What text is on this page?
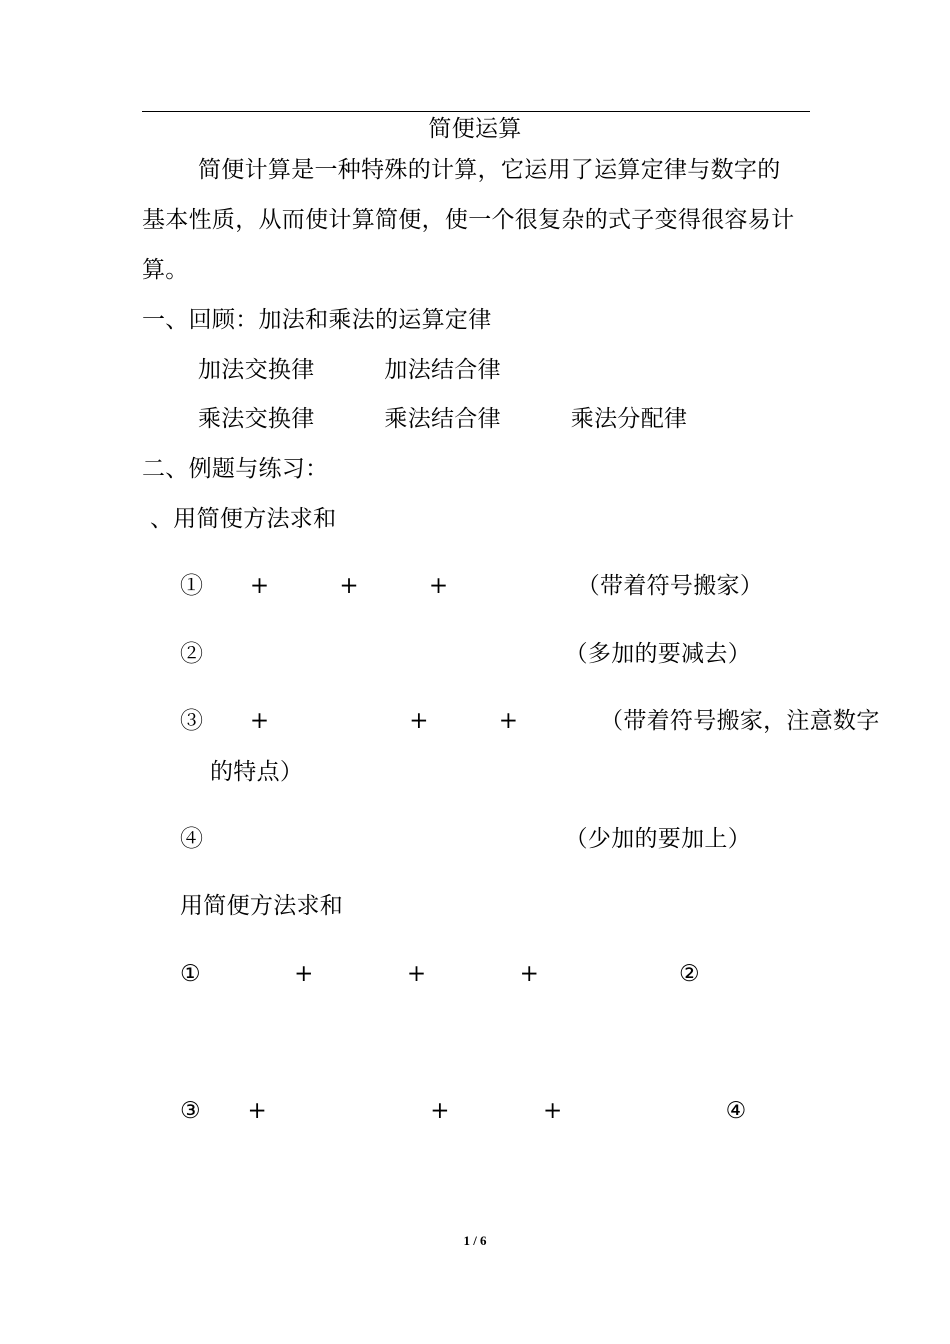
简便运算
简便计算是一种特殊的计算，它运用了运算定律与数字的
基本性质，从而使计算简便，使一个很复杂的式子变得很容易计
算。
一、回顾：加法和乘法的运算定律
加法交换律　　　加法结合律
乘法交换律　　　乘法结合律　　　乘法分配律
二、例题与练习：
、用简便方法求和
①　　+　　　+　　　+　　　　　　（带着符号搬家）
②　　　　　　　　　　　　　　　　（多加的要减去）
③　　+　　　　　　+　　　+　　　　（带着符号搬家，注意数字
的特点）
④　　　　　　　　　　　　　　　　（少加的要加上）
用简便方法求和
①　　　　+　　　　+　　　　+　　　　　　②
③　　+　　　　　　　+　　　　+　　　　　　　④
1 / 6
